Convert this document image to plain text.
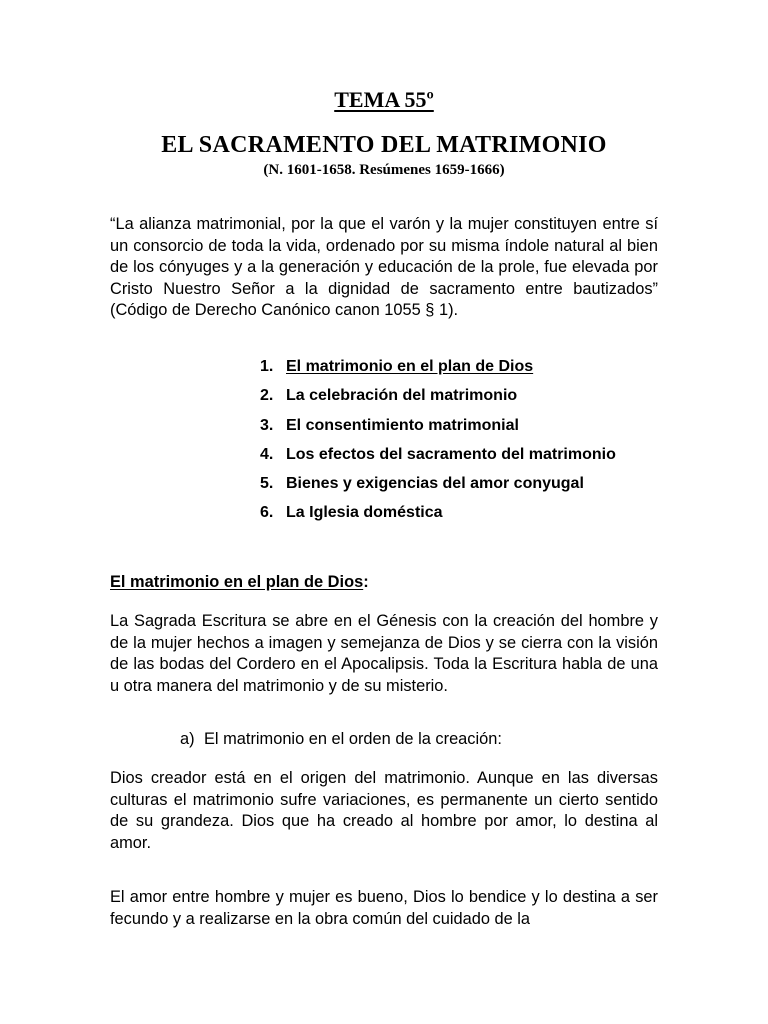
TEMA 55º
EL SACRAMENTO DEL MATRIMONIO
(N. 1601-1658. Resúmenes 1659-1666)

“La alianza matrimonial, por la que el varón y la mujer constituyen entre sí un consorcio de toda la vida, ordenado por su misma índole natural al bien de los cónyuges y a la generación y educación de la prole, fue elevada por Cristo Nuestro Señor a la dignidad de sacramento entre bautizados” (Código de Derecho Canónico canon 1055 § 1).

1. El matrimonio en el plan de Dios
2. La celebración del matrimonio
3. El consentimiento matrimonial
4. Los efectos del sacramento del matrimonio
5. Bienes y exigencias del amor conyugal
6. La Iglesia doméstica
El matrimonio en el plan de Dios:

La Sagrada Escritura se abre en el Génesis con la creación del hombre y de la mujer hechos a imagen y semejanza de Dios y se cierra con la visión de las bodas del Cordero en el Apocalipsis. Toda la Escritura habla de una u otra manera del matrimonio y de su misterio.

a) El matrimonio en el orden de la creación:

Dios creador está en el origen del matrimonio. Aunque en las diversas culturas el matrimonio sufre variaciones, es permanente un cierto sentido de su grandeza. Dios que ha creado al hombre por amor, lo destina al amor.

El amor entre hombre y mujer es bueno, Dios lo bendice y lo destina a ser fecundo y a realizarse en la obra común del cuidado de la
